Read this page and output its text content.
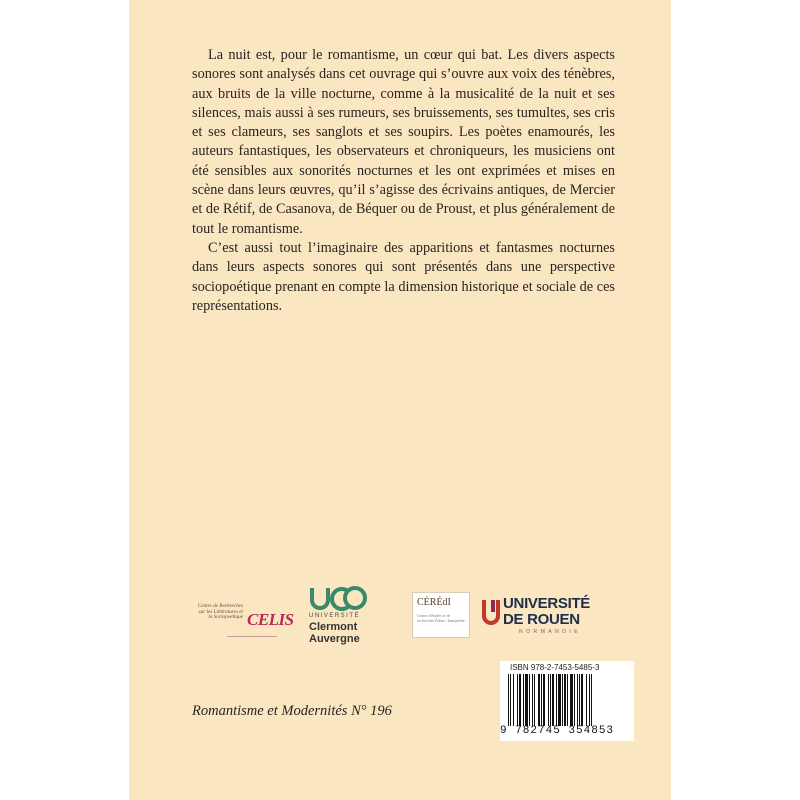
La nuit est, pour le romantisme, un cœur qui bat. Les divers aspects sonores sont analysés dans cet ouvrage qui s’ouvre aux voix des ténèbres, aux bruits de la ville nocturne, comme à la musicalité de la nuit et ses silences, mais aussi à ses rumeurs, ses bruissements, ses tumultes, ses cris et ses clameurs, ses sanglots et ses soupirs. Les poètes enamourés, les auteurs fantastiques, les observateurs et chroniqueurs, les musiciens ont été sensibles aux sonorités nocturnes et les ont exprimées et mises en scène dans leurs œuvres, qu’il s’agisse des écrivains antiques, de Mercier et de Rétif, de Casanova, de Béquer ou de Proust, et plus généralement de tout le romantisme.

C’est aussi tout l’imaginaire des apparitions et fantasmes nocturnes dans leurs aspects sonores qui sont présentés dans une perspective sociopoétique prenant en compte la dimension historique et sociale de ces représentations.

Centre de Recherches sur les Littératures et la Sociopoétique CELIS	UNIVERSITÉ
Clermont
Auvergne
CÉRÉdI
Centre d'études et de recherches Éditer / Interpréter
UNIVERSITÉ
DE ROUEN
NORMANDIE
Romantisme et Modernités N° 196
ISBN 978-2-7453-5485-3
9 782745 354853
